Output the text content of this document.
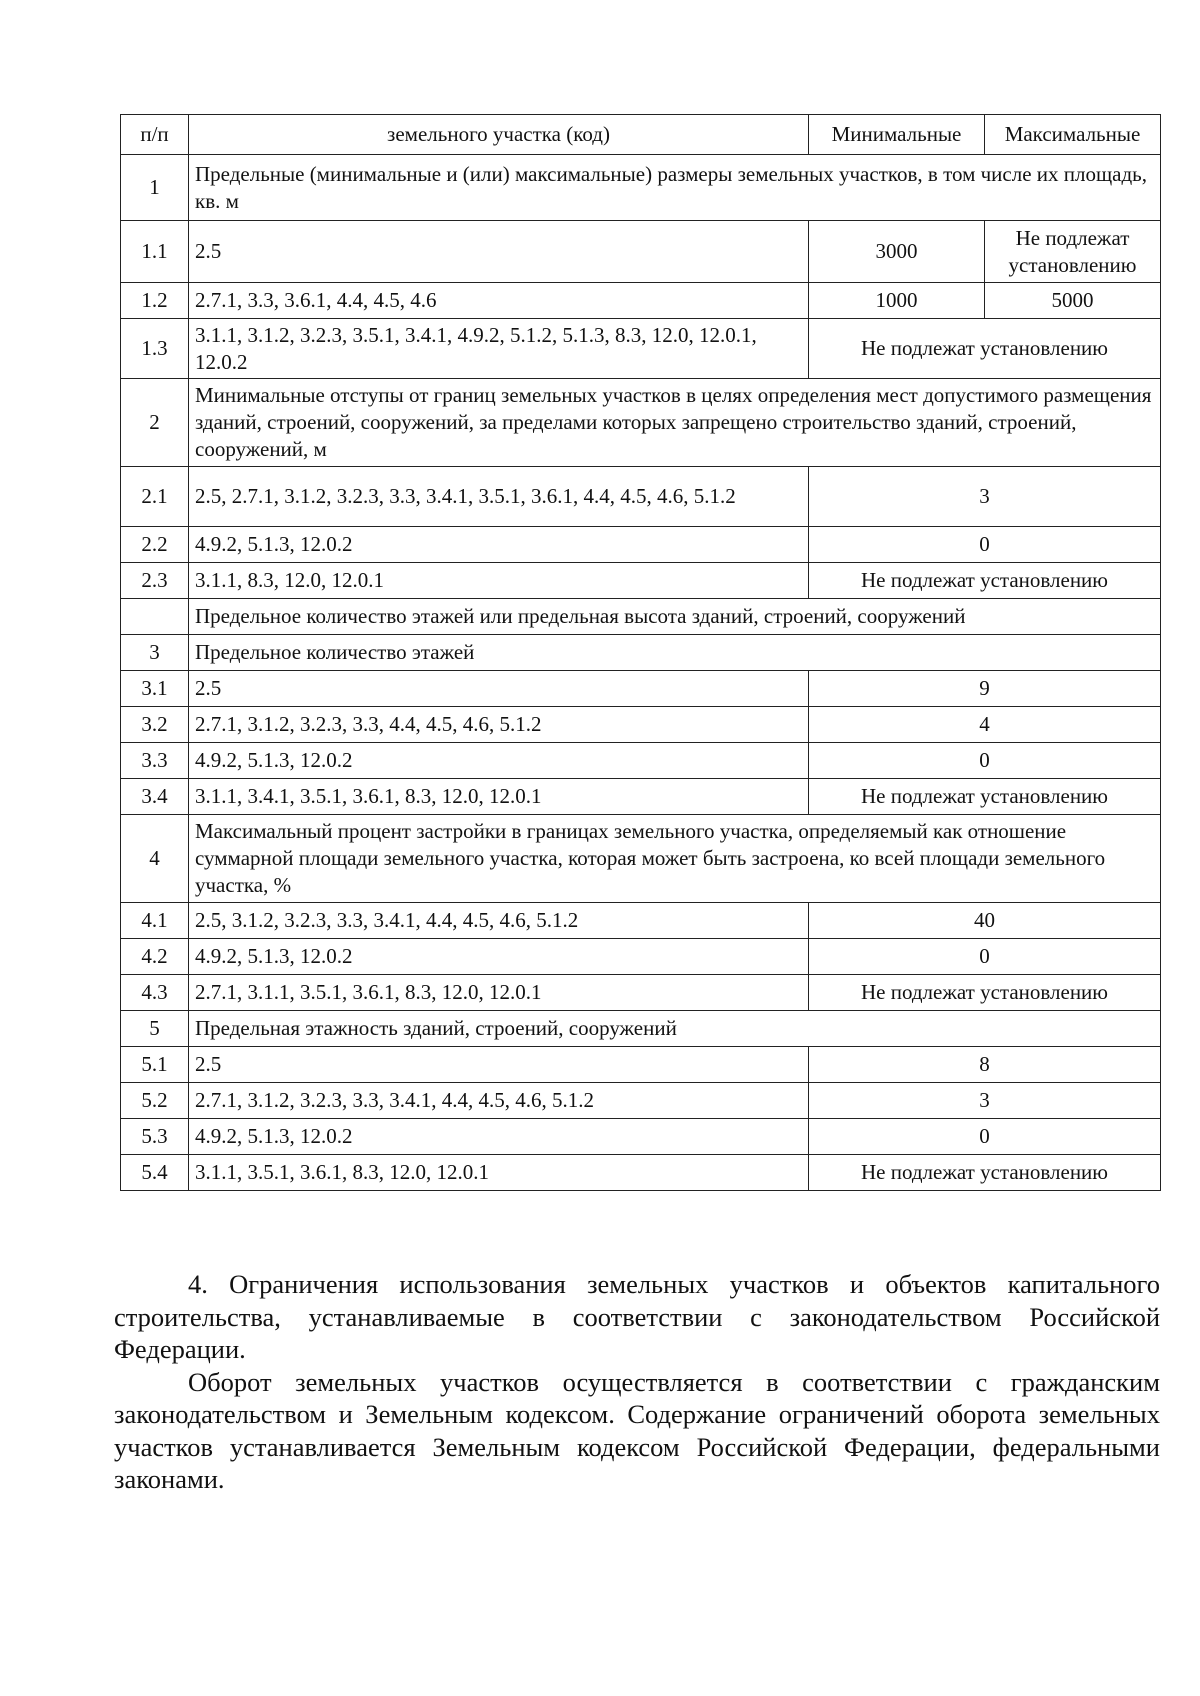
п/п	земельного участка (код)	Минимальные	Максимальные
1	Предельные (минимальные и (или) максимальные) размеры земельных участков, в том числе их площадь, кв. м		
1.1	2.5	3000	Не подлежат установлению
1.2	2.7.1, 3.3, 3.6.1, 4.4, 4.5, 4.6	1000	5000
1.3	3.1.1, 3.1.2, 3.2.3, 3.5.1, 3.4.1, 4.9.2, 5.1.2, 5.1.3, 8.3, 12.0, 12.0.1, 12.0.2	Не подлежат установлению	
2	Минимальные отступы от границ земельных участков в целях определения мест допустимого размещения зданий, строений, сооружений, за пределами которых запрещено строительство зданий, строений, сооружений, м		
2.1	2.5, 2.7.1, 3.1.2, 3.2.3, 3.3, 3.4.1, 3.5.1, 3.6.1, 4.4, 4.5, 4.6, 5.1.2	3	
2.2	4.9.2, 5.1.3, 12.0.2	0	
2.3	3.1.1, 8.3, 12.0, 12.0.1	Не подлежат установлению	
	Предельное количество этажей или предельная высота зданий, строений, сооружений		
3	Предельное количество этажей		
3.1	2.5	9	
3.2	2.7.1, 3.1.2, 3.2.3, 3.3, 4.4, 4.5, 4.6, 5.1.2	4	
3.3	4.9.2, 5.1.3, 12.0.2	0	
3.4	3.1.1, 3.4.1, 3.5.1, 3.6.1, 8.3, 12.0, 12.0.1	Не подлежат установлению	
4	Максимальный процент застройки в границах земельного участка, определяемый как отношение суммарной площади земельного участка, которая может быть застроена, ко всей площади земельного участка, %		
4.1	2.5, 3.1.2, 3.2.3, 3.3, 3.4.1, 4.4, 4.5, 4.6, 5.1.2	40	
4.2	4.9.2, 5.1.3, 12.0.2	0	
4.3	2.7.1, 3.1.1, 3.5.1, 3.6.1, 8.3, 12.0, 12.0.1	Не подлежат установлению	
5	Предельная этажность зданий, строений, сооружений		
5.1	2.5	8	
5.2	2.7.1, 3.1.2, 3.2.3, 3.3, 3.4.1, 4.4, 4.5, 4.6, 5.1.2	3	
5.3	4.9.2, 5.1.3, 12.0.2	0	
5.4	3.1.1, 3.5.1, 3.6.1, 8.3, 12.0, 12.0.1	Не подлежат установлению	

4. Ограничения использования земельных участков и объектов капитального строительства, устанавливаемые в соответствии с законодательством Российской Федерации.

Оборот земельных участков осуществляется в соответствии с гражданским законодательством и Земельным кодексом. Содержание ограничений оборота земельных участков устанавливается Земельным кодексом Российской Федерации, федеральными законами.
